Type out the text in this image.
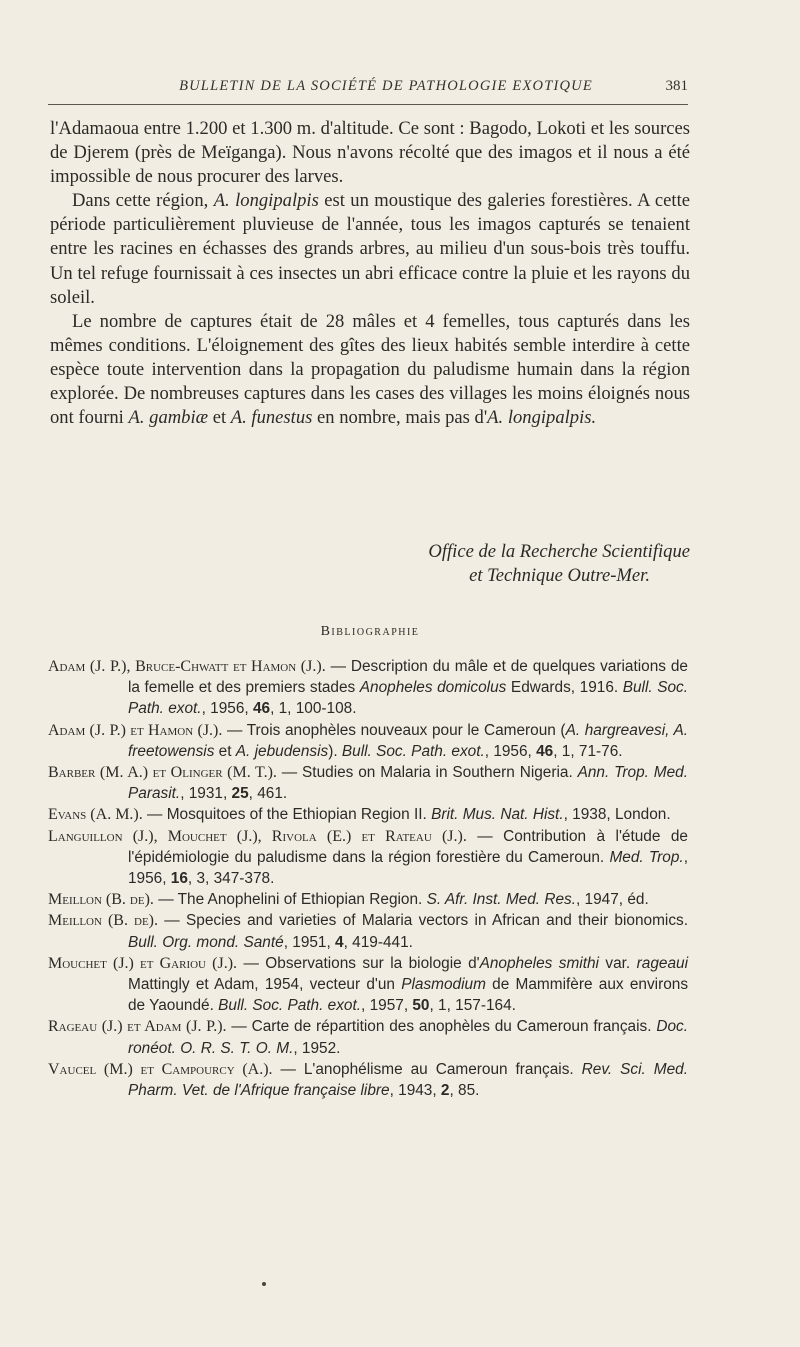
BULLETIN DE LA SOCIÉTÉ DE PATHOLOGIE EXOTIQUE	381

l'Adamaoua entre 1.200 et 1.300 m. d'altitude. Ce sont : Bagodo, Lokoti et les sources de Djerem (près de Meïganga). Nous n'avons récolté que des imagos et il nous a été impossible de nous procurer des larves.

Dans cette région, A. longipalpis est un moustique des galeries forestières. A cette période particulièrement pluvieuse de l'année, tous les imagos capturés se tenaient entre les racines en échasses des grands arbres, au milieu d'un sous-bois très touffu. Un tel refuge fournissait à ces insectes un abri efficace contre la pluie et les rayons du soleil.

Le nombre de captures était de 28 mâles et 4 femelles, tous capturés dans les mêmes conditions. L'éloignement des gîtes des lieux habités semble interdire à cette espèce toute intervention dans la propagation du paludisme humain dans la région explorée. De nombreuses captures dans les cases des villages les moins éloignés nous ont fourni A. gambiæ et A. funestus en nombre, mais pas d'A. longipalpis.

Office de la Recherche Scientifique
et Technique Outre-Mer.
Bibliographie

Adam (J. P.), Bruce-Chwatt et Hamon (J.). — Description du mâle et de quelques variations de la femelle et des premiers stades Anopheles domicolus Edwards, 1916. Bull. Soc. Path. exot., 1956, 46, 1, 100-108.

Adam (J. P.) et Hamon (J.). — Trois anophèles nouveaux pour le Cameroun (A. hargreavesi, A. freetowensis et A. jebudensis). Bull. Soc. Path. exot., 1956, 46, 1, 71-76.

Barber (M. A.) et Olinger (M. T.). — Studies on Malaria in Southern Nigeria. Ann. Trop. Med. Parasit., 1931, 25, 461.

Evans (A. M.). — Mosquitoes of the Ethiopian Region II. Brit. Mus. Nat. Hist., 1938, London.

Languillon (J.), Mouchet (J.), Rivola (E.) et Rateau (J.). — Contribution à l'étude de l'épidémiologie du paludisme dans la région forestière du Cameroun. Med. Trop., 1956, 16, 3, 347-378.

Meillon (B. de). — The Anophelini of Ethiopian Region. S. Afr. Inst. Med. Res., 1947, éd.

Meillon (B. de). — Species and varieties of Malaria vectors in African and their bionomics. Bull. Org. mond. Santé, 1951, 4, 419-441.

Mouchet (J.) et Gariou (J.). — Observations sur la biologie d'Anopheles smithi var. rageaui Mattingly et Adam, 1954, vecteur d'un Plasmodium de Mammifère aux environs de Yaoundé. Bull. Soc. Path. exot., 1957, 50, 1, 157-164.

Rageau (J.) et Adam (J. P.). — Carte de répartition des anophèles du Cameroun français. Doc. ronéot. O. R. S. T. O. M., 1952.

Vaucel (M.) et Campourcy (A.). — L'anophélisme au Cameroun français. Rev. Sci. Med. Pharm. Vet. de l'Afrique française libre, 1943, 2, 85.
